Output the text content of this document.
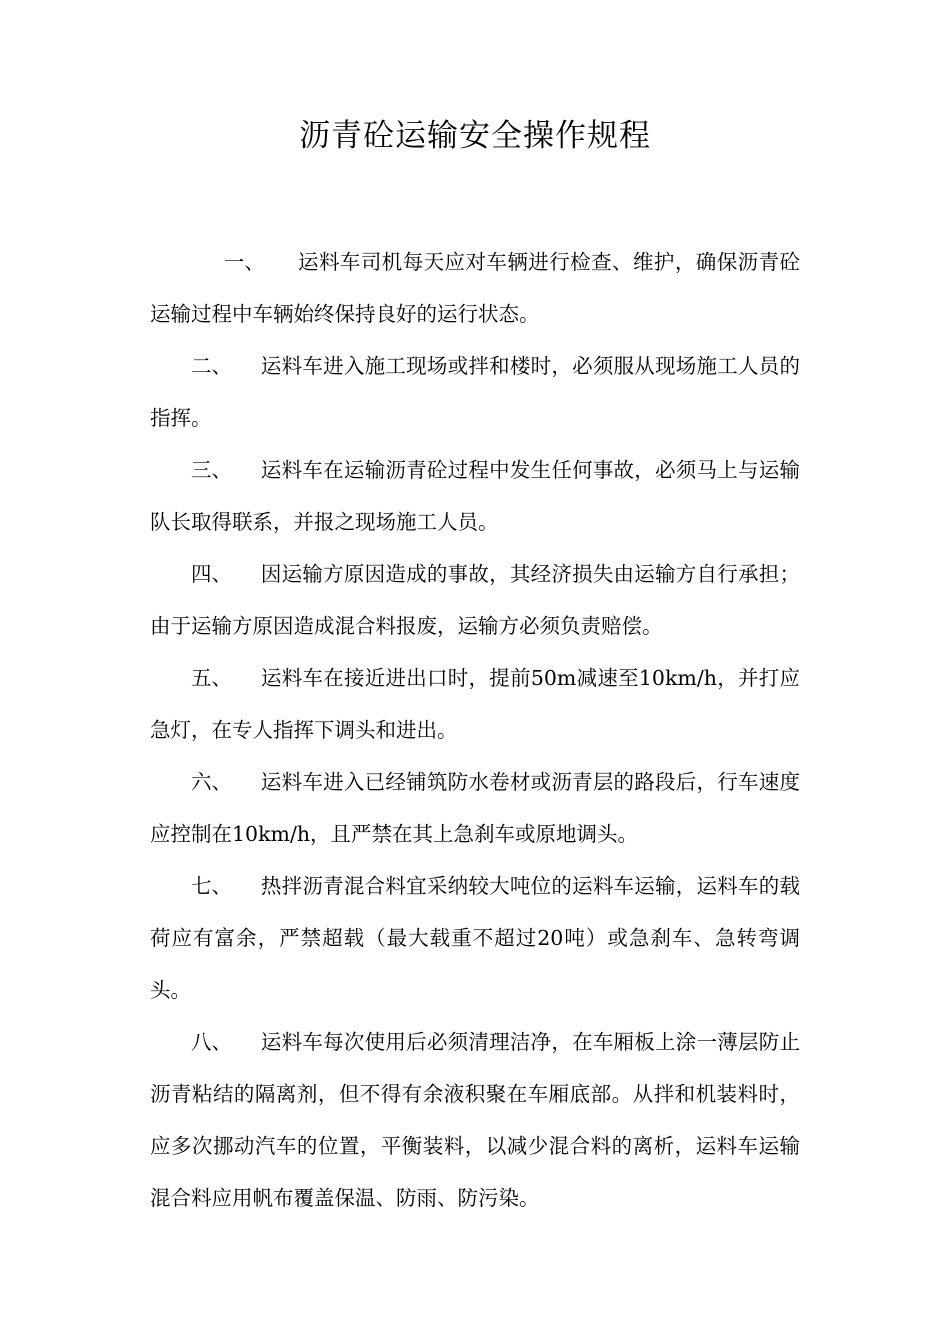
沥青砼运输安全操作规程

一、 运料车司机每天应对车辆进行检查、维护，确保沥青砼运输过程中车辆始终保持良好的运行状态。

二、 运料车进入施工现场或拌和楼时，必须服从现场施工人员的指挥。

三、 运料车在运输沥青砼过程中发生任何事故，必须马上与运输队长取得联系，并报之现场施工人员。

四、 因运输方原因造成的事故，其经济损失由运输方自行承担；由于运输方原因造成混合料报废，运输方必须负责赔偿。

五、 运料车在接近进出口时，提前50m减速至10km/h，并打应急灯，在专人指挥下调头和进出。

六、 运料车进入已经铺筑防水卷材或沥青层的路段后，行车速度应控制在10km/h，且严禁在其上急刹车或原地调头。

七、 热拌沥青混合料宜采纳较大吨位的运料车运输，运料车的载荷应有富余，严禁超载（最大载重不超过20吨）或急刹车、急转弯调头。

八、 运料车每次使用后必须清理洁净，在车厢板上涂一薄层防止沥青粘结的隔离剂，但不得有余液积聚在车厢底部。从拌和机装料时，应多次挪动汽车的位置，平衡装料，以减少混合料的离析，运料车运输混合料应用帆布覆盖保温、防雨、防污染。
